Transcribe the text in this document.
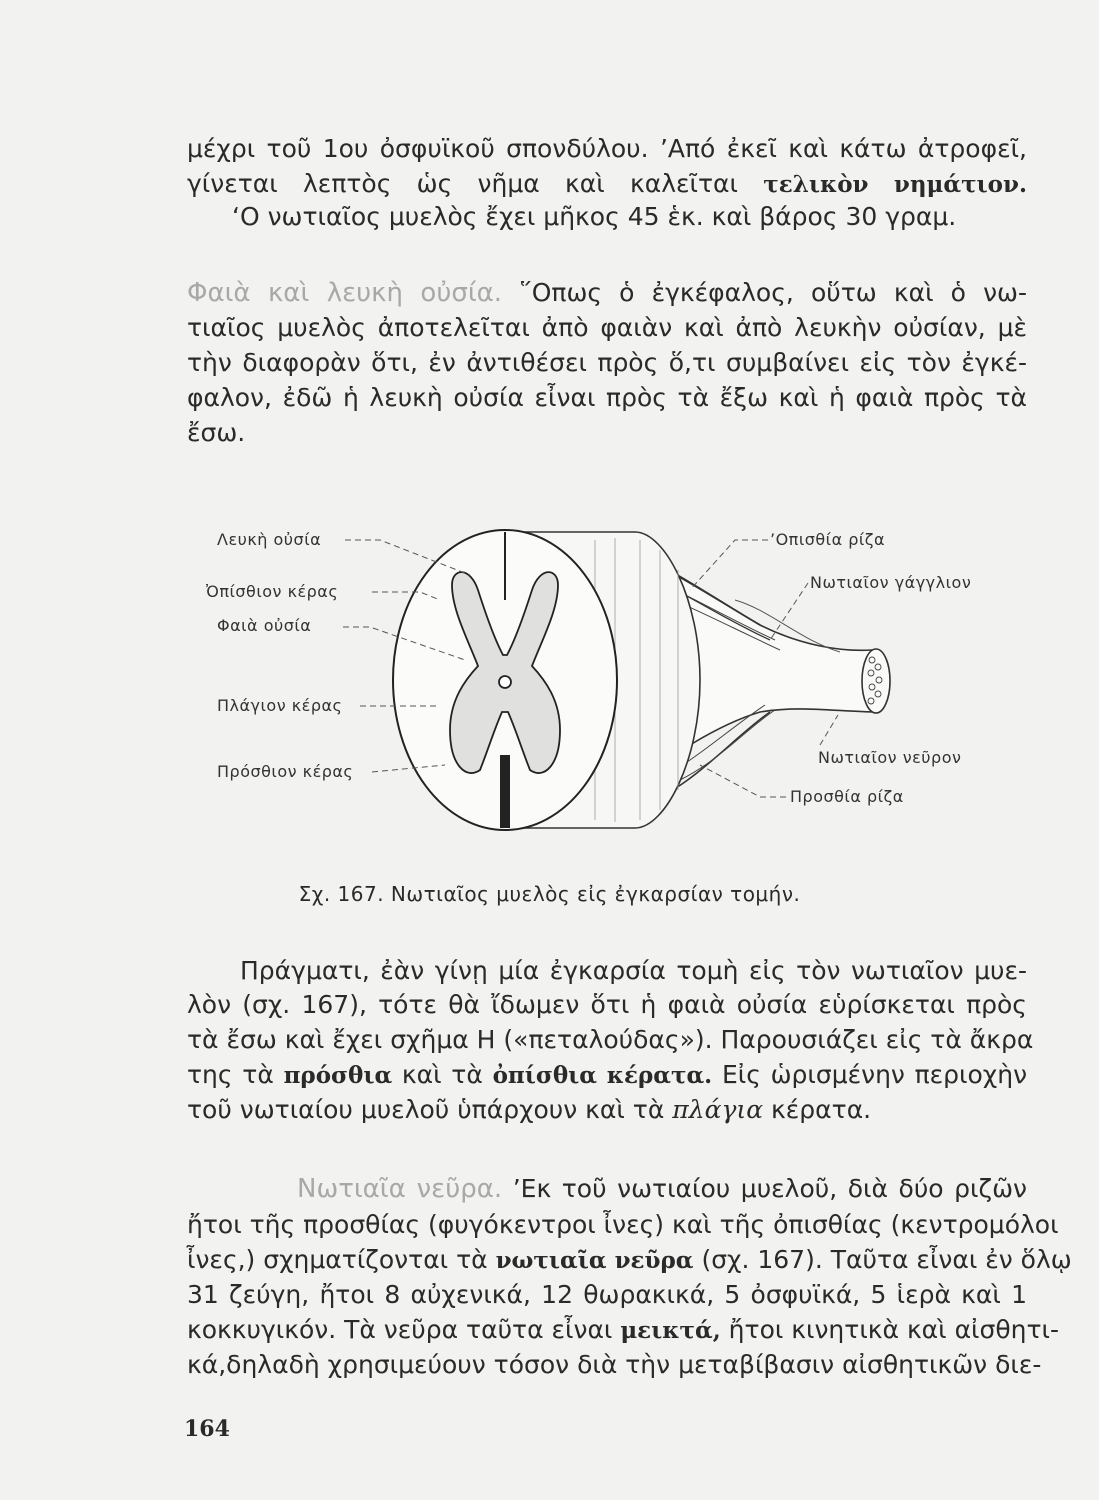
μέχρι τοῦ 1ου ὀσφυϊκοῦ σπονδύλου. ’Από ἐκεῖ καὶ κάτω ἀτροφεῖ,
γίνεται λεπτὸς ὡς νῆμα καὶ καλεῖται τελικὸν νημάτιον.
‘Ο νωτιαῖος μυελὸς ἔχει μῆκος 45 ἑκ. καὶ βάρος 30 γραμ.
Φαιὰ καὶ λευκὴ οὐσία. ῞Οπως ὁ ἐγκέφαλος, οὕτω καὶ ὁ νω-
τιαῖος μυελὸς ἀποτελεῖται ἀπὸ φαιὰν καὶ ἀπὸ λευκὴν οὐσίαν, μὲ
τὴν διαφορὰν ὅτι, ἐν ἀντιθέσει πρὸς ὅ,τι συμβαίνει εἰς τὸν ἐγκέ-
φαλον, ἐδῶ ἡ λευκὴ οὐσία εἶναι πρὸς τὰ ἔξω καὶ ἡ φαιὰ πρὸς τὰ
ἔσω.
Λευκὴ οὐσία
Ὀπίσθιον κέρας
Φαιὰ οὐσία
Πλάγιον κέρας
Πρόσθιον κέρας
’Οπισθία ρίζα
Νωτιαῖον γάγγλιον
Νωτιαῖον νεῦρον
Προσθία ρίζα
Σχ. 167. Νωτιαῖος μυελὸς εἰς ἐγκαρσίαν τομήν.
Πράγματι, ἐὰν γίνῃ μία ἐγκαρσία τομὴ εἰς τὸν νωτιαῖον μυε-
λὸν (σχ. 167), τότε θὰ ἴδωμεν ὅτι ἡ φαιὰ οὐσία εὑρίσκεται πρὸς
τὰ ἔσω καὶ ἔχει σχῆμα Η («πεταλούδας»). Παρουσιάζει εἰς τὰ ἄκρα
της τὰ πρόσθια καὶ τὰ ὀπίσθια κέρατα. Εἰς ὡρισμένην περιοχὴν
τοῦ νωτιαίου μυελοῦ ὑπάρχουν καὶ τὰ πλάγια κέρατα.
Νωτιαῖα νεῦρα. ’Εκ τοῦ νωτιαίου μυελοῦ, διὰ δύο ριζῶν
ἤτοι τῆς προσθίας (φυγόκεντροι ἶνες) καὶ τῆς ὀπισθίας (κεντρομόλοι
ἶνες,) σχηματίζονται τὰ νωτιαῖα νεῦρα (σχ. 167). Ταῦτα εἶναι ἐν ὅλῳ
31 ζεύγη, ἤτοι 8 αὐχενικά, 12 θωρακικά, 5 ὀσφυϊκά, 5 ἱερὰ καὶ 1
κοκκυγικόν. Τὰ νεῦρα ταῦτα εἶναι μεικτά, ἤτοι κινητικὰ καὶ αἰσθητι-
κά,δηλαδὴ χρησιμεύουν τόσον διὰ τὴν μεταβίβασιν αἰσθητικῶν διε-
164
